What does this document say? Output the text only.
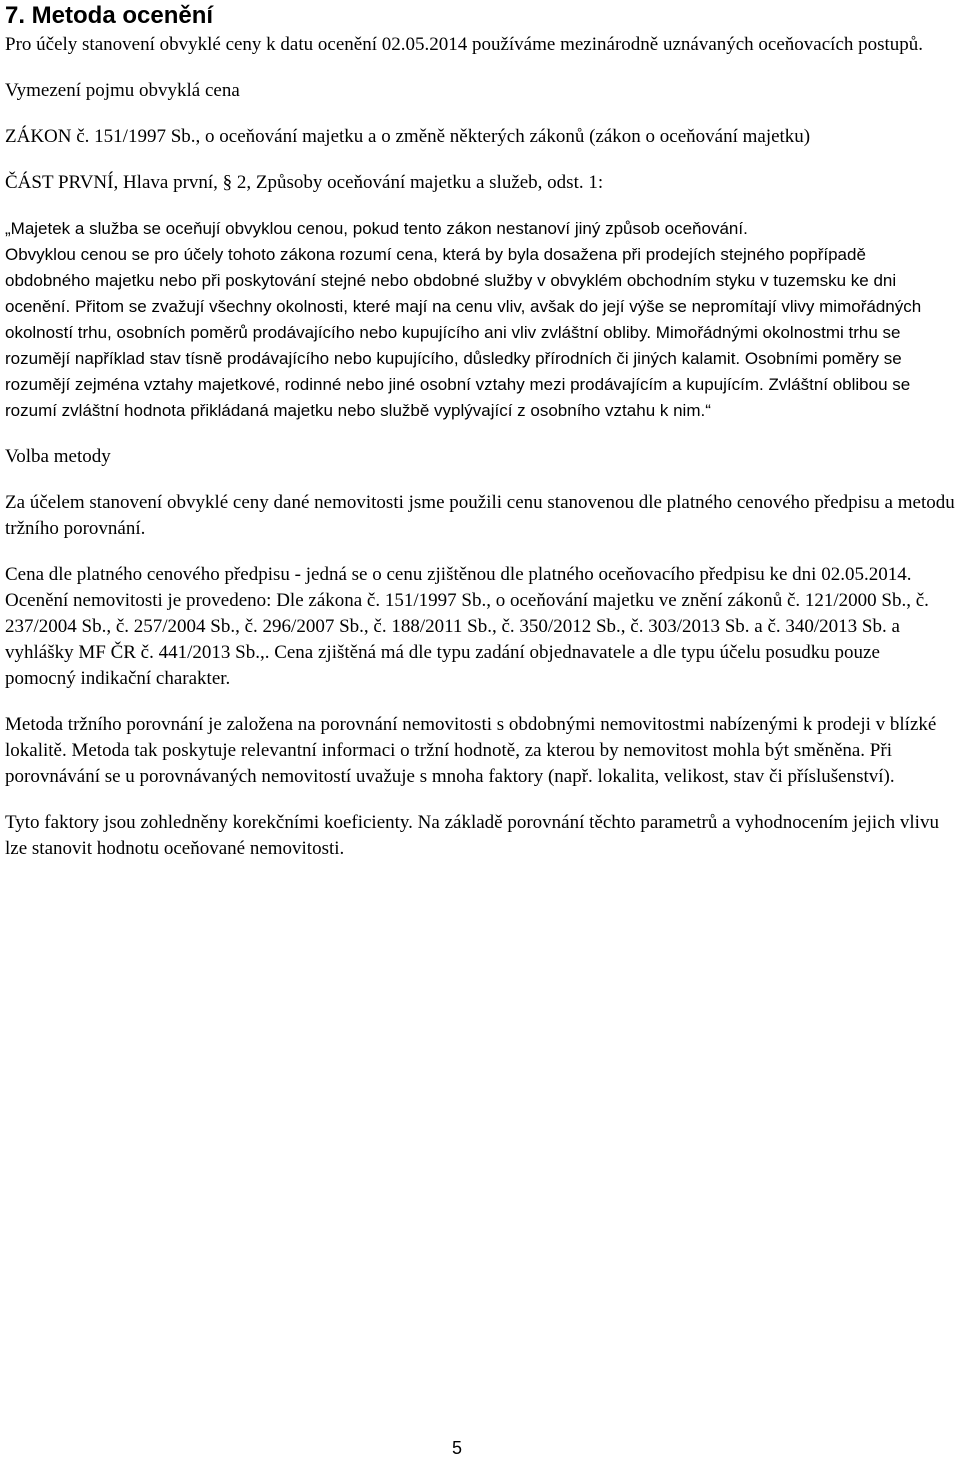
7. Metoda ocenění

Pro účely stanovení obvyklé ceny k datu ocenění 02.05.2014 používáme mezinárodně uznávaných oceňovacích postupů.

Vymezení pojmu obvyklá cena

ZÁKON č. 151/1997 Sb., o oceňování majetku a o změně některých zákonů (zákon o oceňování majetku)

ČÁST PRVNÍ, Hlava první, § 2, Způsoby oceňování majetku a služeb, odst. 1:

„Majetek a služba se oceňují obvyklou cenou, pokud tento zákon nestanoví jiný způsob oceňování.

Obvyklou cenou se pro účely tohoto zákona rozumí cena, která by byla dosažena při prodejích stejného popřípadě obdobného majetku nebo při poskytování stejné nebo obdobné služby v obvyklém obchodním styku v tuzemsku ke dni ocenění. Přitom se zvažují všechny okolnosti, které mají na cenu vliv, avšak do její výše se nepromítají vlivy mimořádných okolností trhu, osobních poměrů prodávajícího nebo kupujícího ani vliv zvláštní obliby. Mimořádnými okolnostmi trhu se rozumějí například stav tísně prodávajícího nebo kupujícího, důsledky přírodních či jiných kalamit. Osobními poměry se rozumějí zejména vztahy majetkové, rodinné nebo jiné osobní vztahy mezi prodávajícím a kupujícím. Zvláštní oblibou se rozumí zvláštní hodnota přikládaná majetku nebo službě vyplývající z osobního vztahu k nim.“

Volba metody

Za účelem stanovení obvyklé ceny dané nemovitosti jsme použili cenu stanovenou dle platného cenového předpisu a metodu tržního porovnání.

Cena dle platného cenového předpisu - jedná se o cenu zjištěnou dle platného oceňovacího předpisu ke dni 02.05.2014. Ocenění nemovitosti je provedeno: Dle zákona č. 151/1997 Sb., o oceňování majetku ve znění zákonů č. 121/2000 Sb., č. 237/2004 Sb., č. 257/2004 Sb., č. 296/2007 Sb., č. 188/2011 Sb., č. 350/2012 Sb., č. 303/2013 Sb. a č. 340/2013 Sb. a vyhlášky MF ČR č. 441/2013 Sb.,. Cena zjištěná má dle typu zadání objednavatele a dle typu účelu posudku pouze pomocný indikační charakter.

Metoda tržního porovnání je založena na porovnání nemovitosti s obdobnými nemovitostmi nabízenými k prodeji v blízké lokalitě. Metoda tak poskytuje relevantní informaci o tržní hodnotě, za kterou by nemovitost mohla být směněna. Při porovnávání se u porovnávaných nemovitostí uvažuje s mnoha faktory (např. lokalita, velikost, stav či příslušenství).

Tyto faktory jsou zohledněny korekčními koeficienty. Na základě porovnání těchto parametrů a vyhodnocením jejich vlivu lze stanovit hodnotu oceňované nemovitosti.

5
